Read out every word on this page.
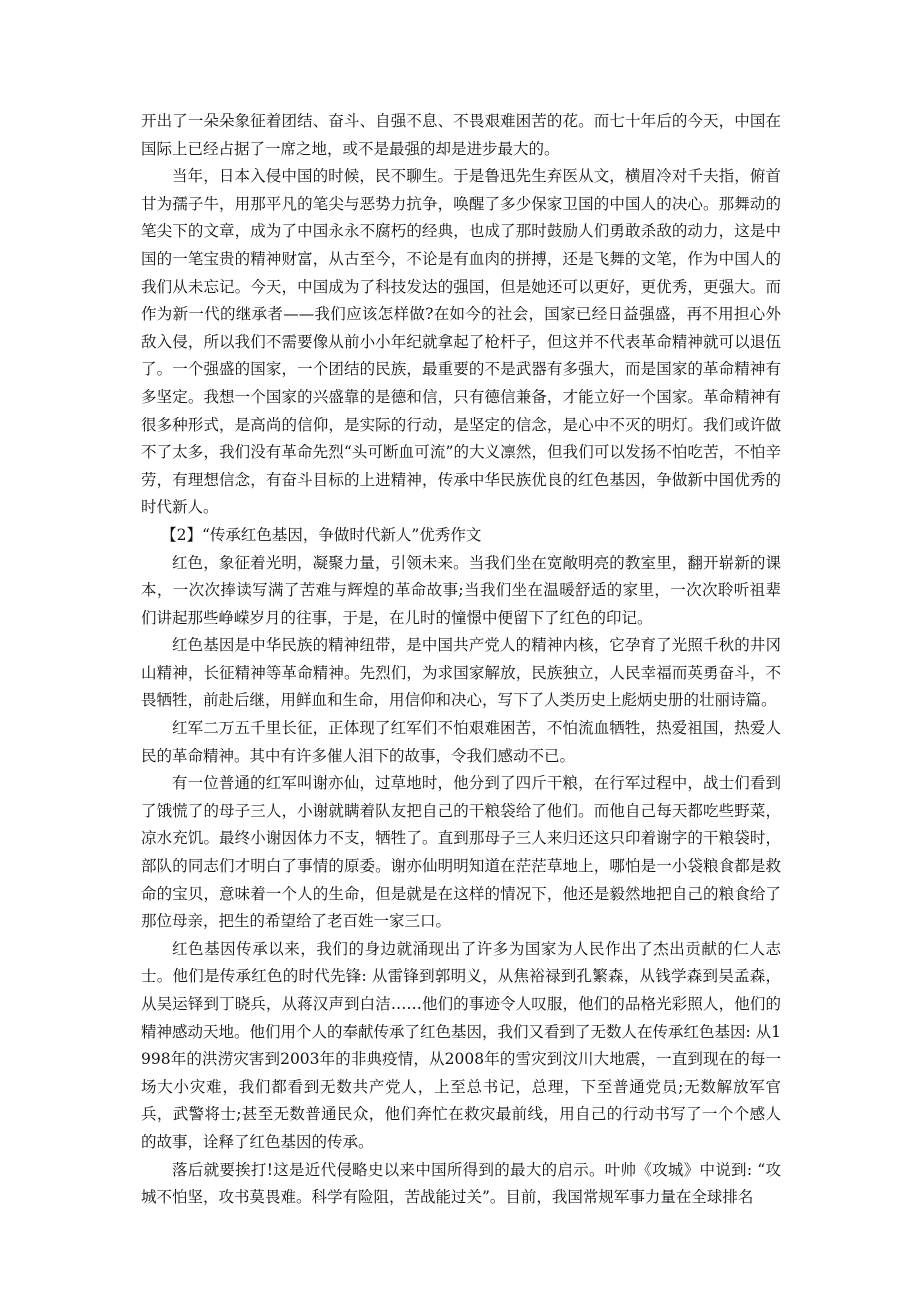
开出了一朵朵象征着团结、奋斗、自强不息、不畏艰难困苦的花。而七十年后的今天，中国在国际上已经占据了一席之地，或不是最强的却是进步最大的。

当年，日本入侵中国的时候，民不聊生。于是鲁迅先生弃医从文，横眉冷对千夫指，俯首甘为孺子牛，用那平凡的笔尖与恶势力抗争，唤醒了多少保家卫国的中国人的决心。那舞动的笔尖下的文章，成为了中国永永不腐朽的经典，也成了那时鼓励人们勇敢杀敌的动力，这是中国的一笔宝贵的精神财富，从古至今，不论是有血肉的拼搏，还是飞舞的文笔，作为中国人的我们从未忘记。今天，中国成为了科技发达的强国，但是她还可以更好，更优秀，更强大。而作为新一代的继承者——我们应该怎样做?在如今的社会，国家已经日益强盛，再不用担心外敌入侵，所以我们不需要像从前小小年纪就拿起了枪杆子，但这并不代表革命精神就可以退伍了。一个强盛的国家，一个团结的民族，最重要的不是武器有多强大，而是国家的革命精神有多坚定。我想一个国家的兴盛靠的是德和信，只有德信兼备，才能立好一个国家。革命精神有很多种形式，是高尚的信仰，是实际的行动，是坚定的信念，是心中不灭的明灯。我们或许做不了太多，我们没有革命先烈“头可断血可流”的大义凛然，但我们可以发扬不怕吃苦，不怕辛劳，有理想信念，有奋斗目标的上进精神，传承中华民族优良的红色基因，争做新中国优秀的时代新人。

【2】“传承红色基因，争做时代新人”优秀作文

红色，象征着光明，凝聚力量，引领未来。当我们坐在宽敞明亮的教室里，翻开崭新的课本，一次次捧读写满了苦难与辉煌的革命故事;当我们坐在温暖舒适的家里，一次次聆听祖辈们讲起那些峥嵘岁月的往事，于是，在儿时的憧憬中便留下了红色的印记。

红色基因是中华民族的精神纽带，是中国共产党人的精神内核，它孕育了光照千秋的井冈山精神，长征精神等革命精神。先烈们，为求国家解放，民族独立，人民幸福而英勇奋斗，不畏牺牲，前赴后继，用鲜血和生命，用信仰和决心，写下了人类历史上彪炳史册的壮丽诗篇。

红军二万五千里长征，正体现了红军们不怕艰难困苦，不怕流血牺牲，热爱祖国，热爱人民的革命精神。其中有许多催人泪下的故事，令我们感动不已。

有一位普通的红军叫谢亦仙，过草地时，他分到了四斤干粮，在行军过程中，战士们看到了饿慌了的母子三人，小谢就瞒着队友把自己的干粮袋给了他们。而他自己每天都吃些野菜，凉水充饥。最终小谢因体力不支，牺牲了。直到那母子三人来归还这只印着谢字的干粮袋时，部队的同志们才明白了事情的原委。谢亦仙明明知道在茫茫草地上，哪怕是一小袋粮食都是救命的宝贝，意味着一个人的生命，但是就是在这样的情况下，他还是毅然地把自己的粮食给了那位母亲，把生的希望给了老百姓一家三口。

红色基因传承以来，我们的身边就涌现出了许多为国家为人民作出了杰出贡献的仁人志士。他们是传承红色的时代先锋: 从雷锋到郭明义，从焦裕禄到孔繁森，从钱学森到吴孟森，从吴运铎到丁晓兵，从蒋汉声到白洁……他们的事迹令人叹服，他们的品格光彩照人，他们的精神感动天地。他们用个人的奉献传承了红色基因，我们又看到了无数人在传承红色基因: 从1998年的洪涝灾害到2003年的非典疫情，从2008年的雪灾到汶川大地震，一直到现在的每一场大小灾难，我们都看到无数共产党人，上至总书记，总理，下至普通党员;无数解放军官兵，武警将士;甚至无数普通民众，他们奔忙在救灾最前线，用自己的行动书写了一个个感人的故事，诠释了红色基因的传承。

落后就要挨打!这是近代侵略史以来中国所得到的最大的启示。叶帅《攻城》中说到: “攻城不怕坚，攻书莫畏难。科学有险阻，苦战能过关”。目前，我国常规军事力量在全球排名
